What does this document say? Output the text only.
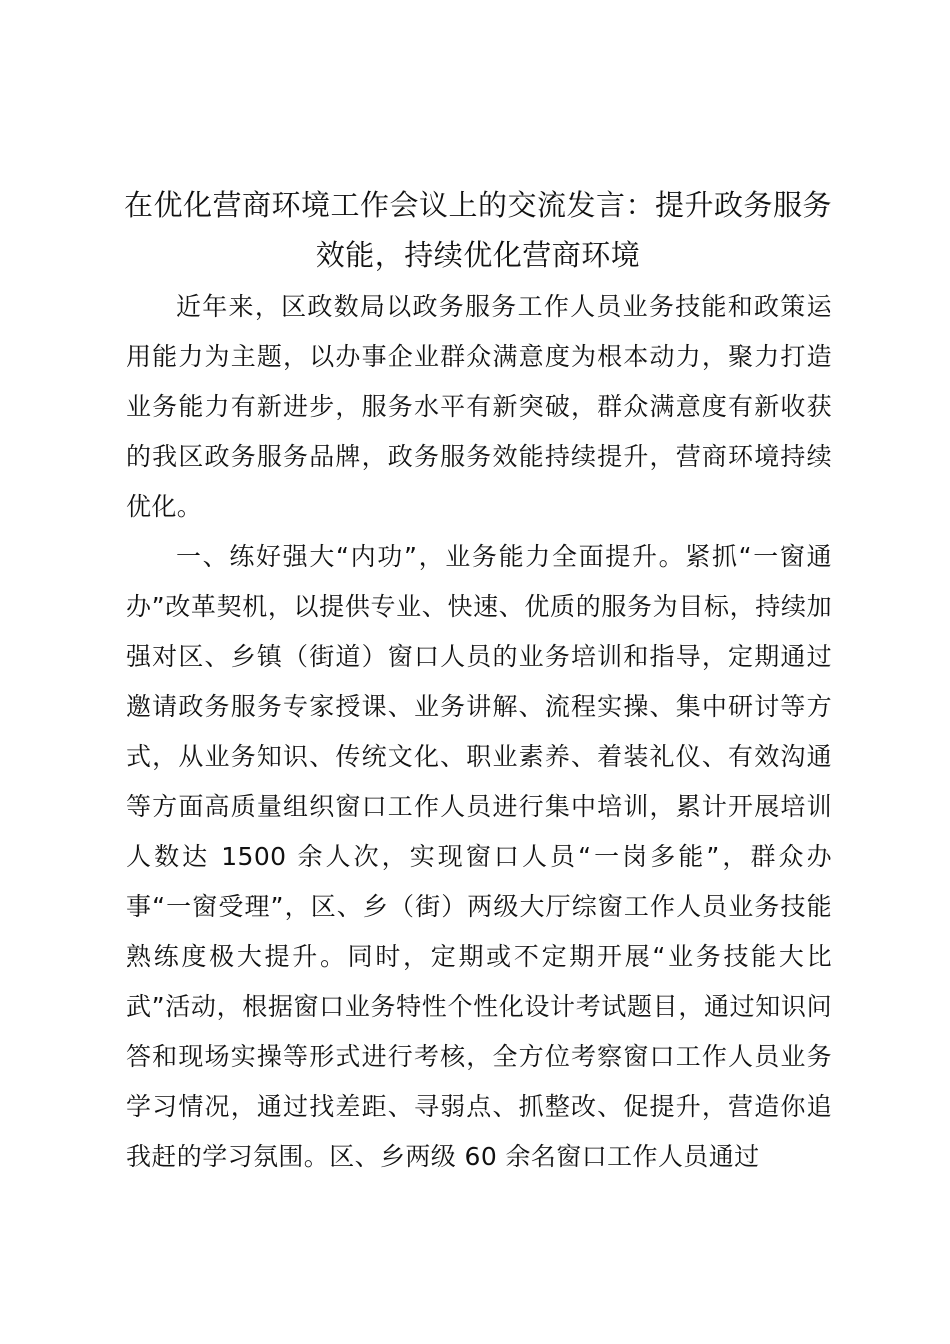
在优化营商环境工作会议上的交流发言：提升政务服务效能，持续优化营商环境

近年来，区政数局以政务服务工作人员业务技能和政策运用能力为主题，以办事企业群众满意度为根本动力，聚力打造业务能力有新进步，服务水平有新突破，群众满意度有新收获的我区政务服务品牌，政务服务效能持续提升，营商环境持续优化。

一、练好强大“内功”，业务能力全面提升。紧抓“一窗通办”改革契机，以提供专业、快速、优质的服务为目标，持续加强对区、乡镇（街道）窗口人员的业务培训和指导，定期通过邀请政务服务专家授课、业务讲解、流程实操、集中研讨等方式，从业务知识、传统文化、职业素养、着装礼仪、有效沟通等方面高质量组织窗口工作人员进行集中培训，累计开展培训人数达 1500 余人次，实现窗口人员“一岗多能”，群众办事“一窗受理”，区、乡（街）两级大厅综窗工作人员业务技能熟练度极大提升。同时，定期或不定期开展“业务技能大比武”活动，根据窗口业务特性个性化设计考试题目，通过知识问答和现场实操等形式进行考核，全方位考察窗口工作人员业务学习情况，通过找差距、寻弱点、抓整改、促提升，营造你追我赶的学习氛围。区、乡两级 60 余名窗口工作人员通过
